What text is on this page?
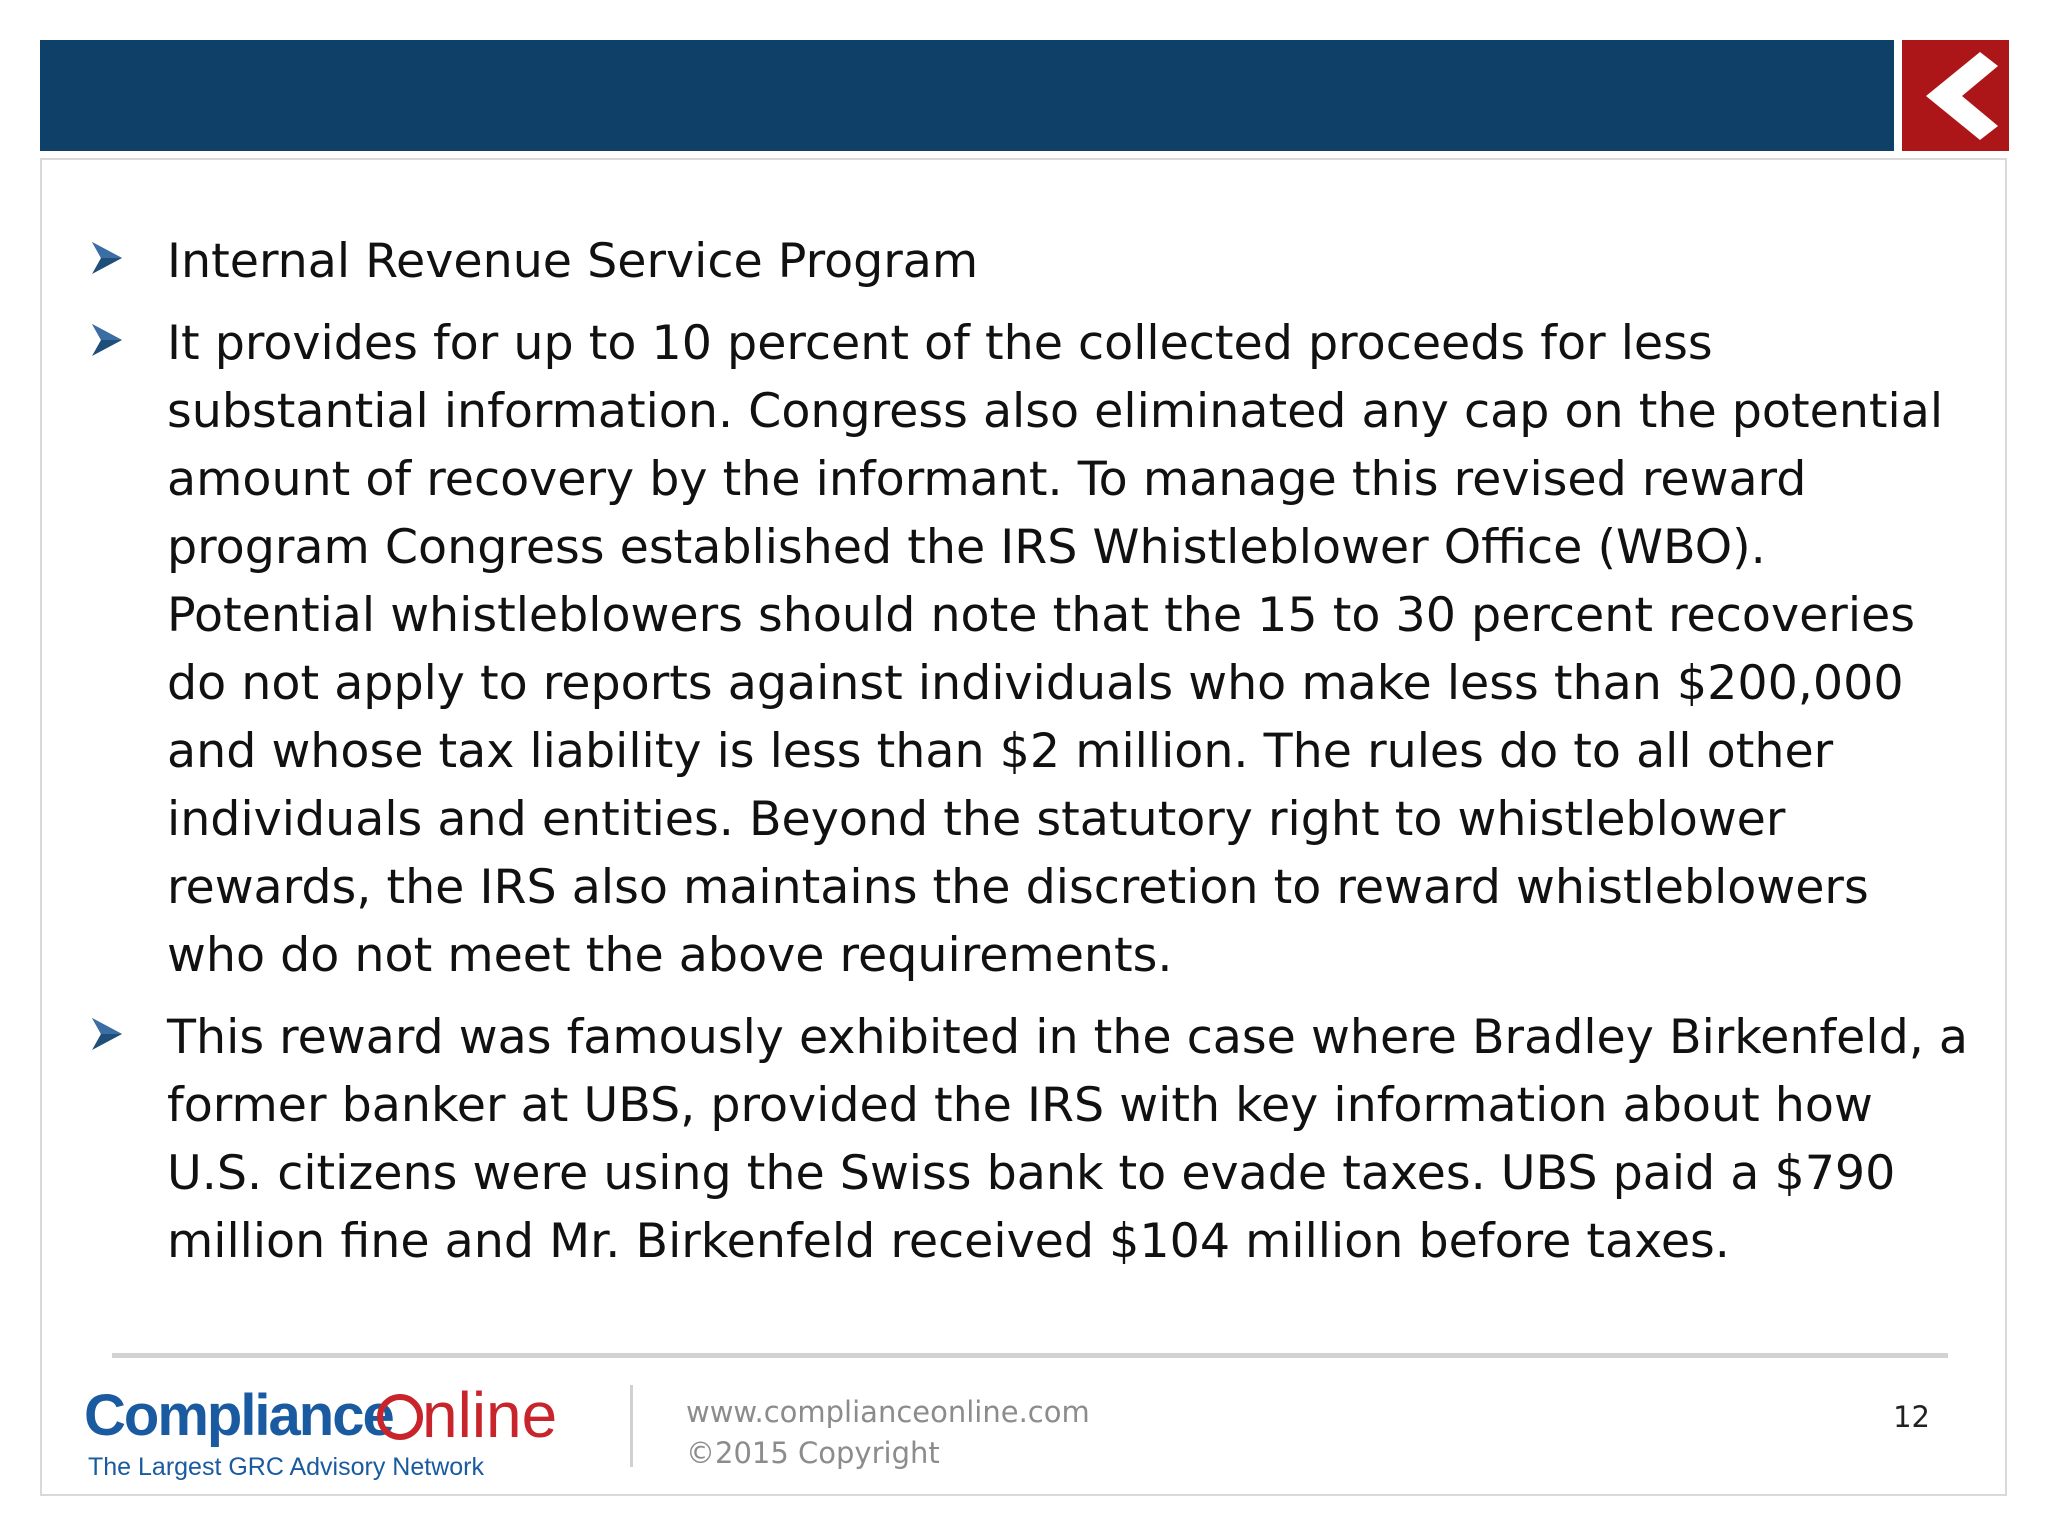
Internal Revenue Service Program
It provides for up to 10 percent of the collected proceeds for less substantial information. Congress also eliminated any cap on the potential amount of recovery by the informant. To manage this revised reward program Congress established the IRS Whistleblower Office (WBO). Potential whistleblowers should note that the 15 to 30 percent recoveries do not apply to reports against individuals who make less than $200,000 and whose tax liability is less than $2 million. The rules do to all other individuals and entities. Beyond the statutory right to whistleblower rewards, the IRS also maintains the discretion to reward whistleblowers who do not meet the above requirements.
This reward was famously exhibited in the case where Bradley Birkenfeld, a former banker at UBS, provided the IRS with key information about how U.S. citizens were using the Swiss bank to evade taxes. UBS paid a $790 million fine and Mr. Birkenfeld received $104 million before taxes.
Compliance nline
The Largest GRC Advisory Network
www.complianceonline.com
©2015 Copyright
12
